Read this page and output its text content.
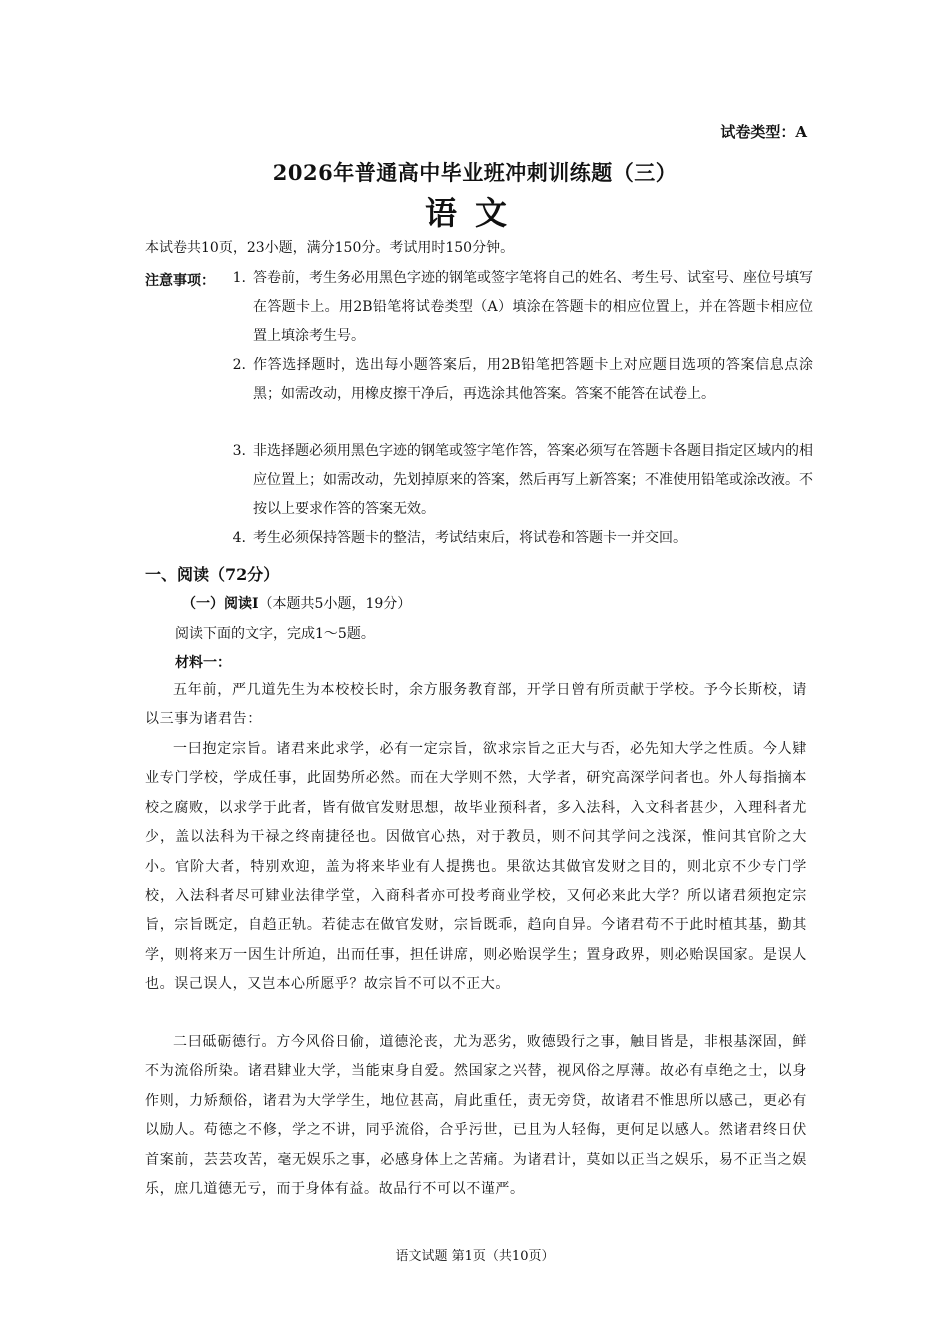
试卷类型：A
2026年普通高中毕业班冲刺训练题（三）
语文
本试卷共10页，23小题，满分150分。考试用时150分钟。
注意事项：	1. 答卷前，考生务必用黑色字迹的钢笔或签字笔将自己的姓名、考生号、试室号、座位号填写在答题卡上。用2B铅笔将试卷类型（A）填涂在答题卡的相应位置上，并在答题卡相应位置上填涂考生号。
2. 作答选择题时，选出每小题答案后，用2B铅笔把答题卡上对应题目选项的答案信息点涂黑；如需改动，用橡皮擦干净后，再选涂其他答案。答案不能答在试卷上。
3. 非选择题必须用黑色字迹的钢笔或签字笔作答，答案必须写在答题卡各题目指定区域内的相应位置上；如需改动，先划掉原来的答案，然后再写上新答案；不准使用铅笔或涂改液。不按以上要求作答的答案无效。
4. 考生必须保持答题卡的整洁，考试结束后，将试卷和答题卡一并交回。
一、阅读（72分）
（一）阅读Ⅰ（本题共5小题，19分）
阅读下面的文字，完成1～5题。
材料一：
五年前，严几道先生为本校校长时，余方服务教育部，开学日曾有所贡献于学校。予今长斯校，请以三事为诸君告：
一曰抱定宗旨。诸君来此求学，必有一定宗旨，欲求宗旨之正大与否，必先知大学之性质。今人肄业专门学校，学成任事，此固势所必然。而在大学则不然，大学者，研究高深学问者也。外人每指摘本校之腐败，以求学于此者，皆有做官发财思想，故毕业预科者，多入法科，入文科者甚少，入理科者尤少，盖以法科为干禄之终南捷径也。因做官心热，对于教员，则不问其学问之浅深，惟问其官阶之大小。官阶大者，特别欢迎，盖为将来毕业有人提携也。果欲达其做官发财之目的，则北京不少专门学校，入法科者尽可肄业法律学堂，入商科者亦可投考商业学校，又何必来此大学？所以诸君须抱定宗旨，宗旨既定，自趋正轨。若徒志在做官发财，宗旨既乖，趋向自异。今诸君苟不于此时植其基，勤其学，则将来万一因生计所迫，出而任事，担任讲席，则必贻误学生；置身政界，则必贻误国家。是误人也。误己误人，又岂本心所愿乎？故宗旨不可以不正大。
二曰砥砺德行。方今风俗日偷，道德沦丧，尤为恶劣，败德毁行之事，触目皆是，非根基深固，鲜不为流俗所染。诸君肄业大学，当能束身自爱。然国家之兴替，视风俗之厚薄。故必有卓绝之士，以身作则，力矫颓俗，诸君为大学学生，地位甚高，肩此重任，责无旁贷，故诸君不惟思所以感己，更必有以励人。苟德之不修，学之不讲，同乎流俗，合乎污世，已且为人轻侮，更何足以感人。然诸君终日伏首案前，芸芸攻苦，毫无娱乐之事，必感身体上之苦痛。为诸君计，莫如以正当之娱乐，易不正当之娱乐，庶几道德无亏，而于身体有益。故品行不可以不谨严。
语文试题 第1页（共10页）
